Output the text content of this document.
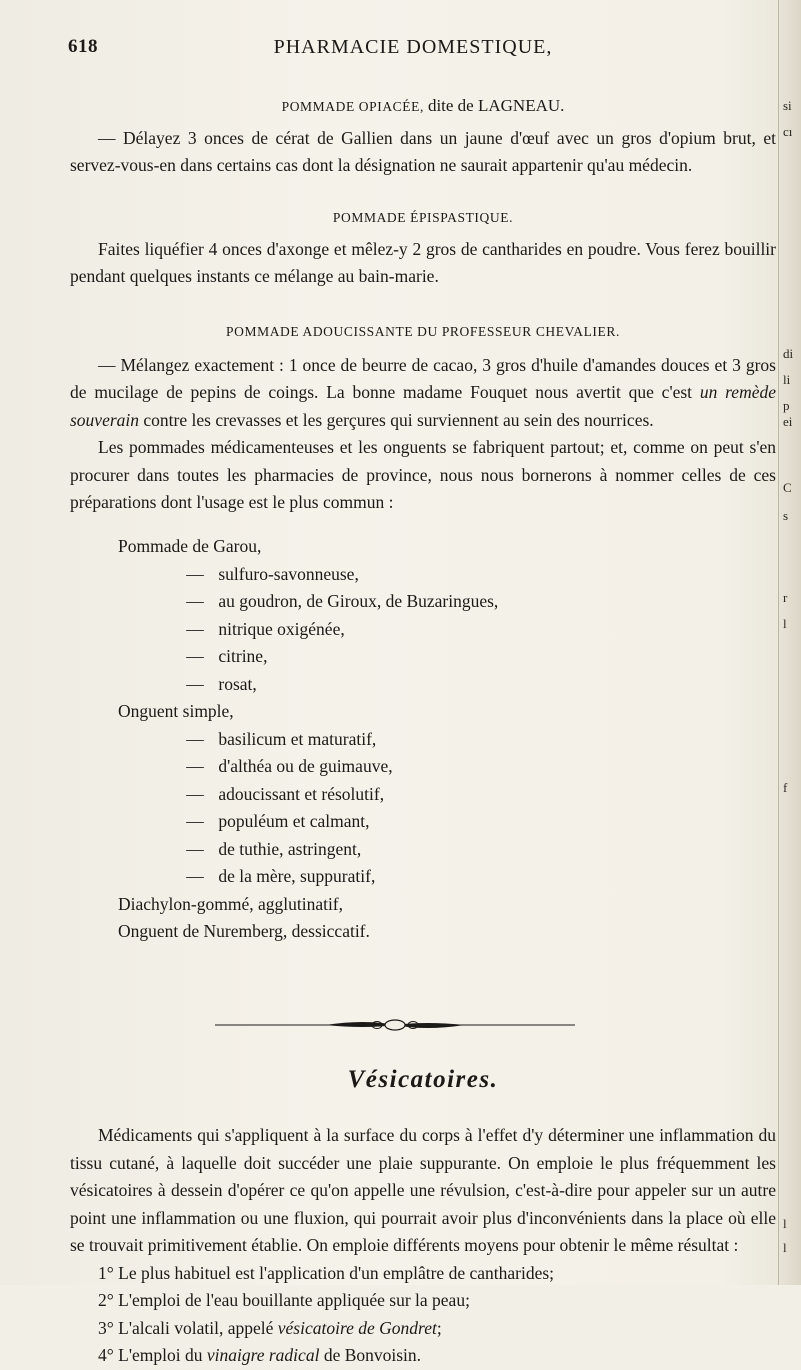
618	PHARMACIE DOMESTIQUE,
POMMADE OPIACÉE, dite de LAGNEAU.

— Délayez 3 onces de cérat de Gallien dans un jaune d'œuf avec un gros d'opium brut, et servez-vous-en dans certains cas dont la désignation ne saurait appartenir qu'au médecin.

POMMADE ÉPISPASTIQUE.

Faites liquéfier 4 onces d'axonge et mêlez-y 2 gros de cantharides en poudre. Vous ferez bouillir pendant quelques instants ce mélange au bain-marie.

POMMADE ADOUCISSANTE DU PROFESSEUR CHEVALIER.

— Mélangez exactement : 1 once de beurre de cacao, 3 gros d'huile d'amandes douces et 3 gros de mucilage de pepins de coings. La bonne madame Fouquet nous avertit que c'est un remède souverain contre les crevasses et les gerçures qui surviennent au sein des nourrices.

Les pommades médicamenteuses et les onguents se fabriquent partout; et, comme on peut s'en procurer dans toutes les pharmacies de province, nous nous bornerons à nommer celles de ces préparations dont l'usage est le plus commun :

Pommade de Garou,
— sulfuro-savonneuse,
— au goudron, de Giroux, de Buzaringues,
— nitrique oxigénée,
— citrine,
— rosat,
Onguent simple,
— basilicum et maturatif,
— d'althéa ou de guimauve,
— adoucissant et résolutif,
— populéum et calmant,
— de tuthie, astringent,
— de la mère, suppuratif,
Diachylon-gommé, agglutinatif,
Onguent de Nuremberg, dessiccatif.
Vésicatoires.

Médicaments qui s'appliquent à la surface du corps à l'effet d'y déterminer une inflammation du tissu cutané, à laquelle doit succéder une plaie suppurante. On emploie le plus fréquemment les vésicatoires à dessein d'opérer ce qu'on appelle une révulsion, c'est-à-dire pour appeler sur un autre point une inflammation ou une fluxion, qui pourrait avoir plus d'inconvénients dans la place où elle se trouvait primitivement établie. On emploie différents moyens pour obtenir le même résultat :

1° Le plus habituel est l'application d'un emplâtre de cantharides;
2° L'emploi de l'eau bouillante appliquée sur la peau;
3° L'alcali volatil, appelé vésicatoire de Gondret;
4° L'emploi du vinaigre radical de Bonvoisin.
si
cı
di
li
p
ei
C
s
r
l
f
l
l
